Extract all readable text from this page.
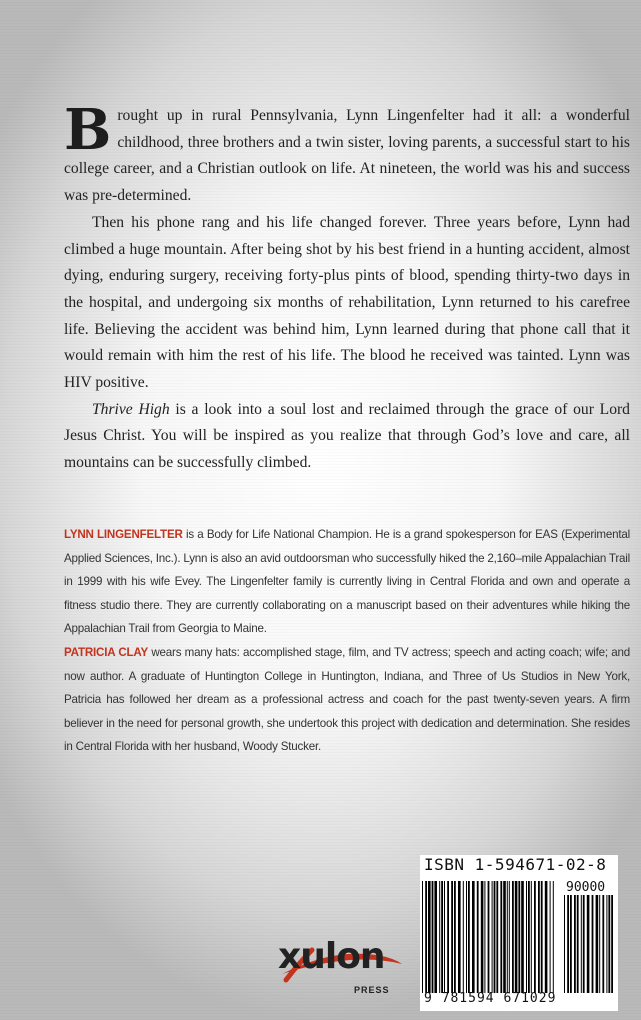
Brought up in rural Pennsylvania, Lynn Lingenfelter had it all: a wonderful childhood, three brothers and a twin sister, loving parents, a successful start to his college career, and a Christian outlook on life. At nineteen, the world was his and success was pre-determined.

Then his phone rang and his life changed forever. Three years before, Lynn had climbed a huge mountain. After being shot by his best friend in a hunting accident, almost dying, enduring surgery, receiving forty-plus pints of blood, spending thirty-two days in the hospital, and undergoing six months of rehabilitation, Lynn returned to his carefree life. Believing the accident was behind him, Lynn learned during that phone call that it would remain with him the rest of his life. The blood he received was tainted. Lynn was HIV positive.

Thrive High is a look into a soul lost and reclaimed through the grace of our Lord Jesus Christ. You will be inspired as you realize that through God’s love and care, all mountains can be successfully climbed.

LYNN LINGENFELTER is a Body for Life National Champion. He is a grand spokesperson for EAS (Experimental Applied Sciences, Inc.). Lynn is also an avid outdoorsman who successfully hiked the 2,160–mile Appalachian Trail in 1999 with his wife Evey. The Lingenfelter family is currently living in Central Florida and own and operate a fitness studio there. They are currently collaborating on a manuscript based on their adventures while hiking the Appalachian Trail from Georgia to Maine.

PATRICIA CLAY wears many hats: accomplished stage, film, and TV actress; speech and acting coach; wife; and now author. A graduate of Huntington College in Huntington, Indiana, and Three of Us Studios in New York, Patricia has followed her dream as a professional actress and coach for the past twenty-seven years. A firm believer in the need for personal growth, she undertook this project with dedication and determination. She resides in Central Florida with her husband, Woody Stucker.

xulon
PRESS
ISBN 1-594671-02-8
90000
9 781594 671029
